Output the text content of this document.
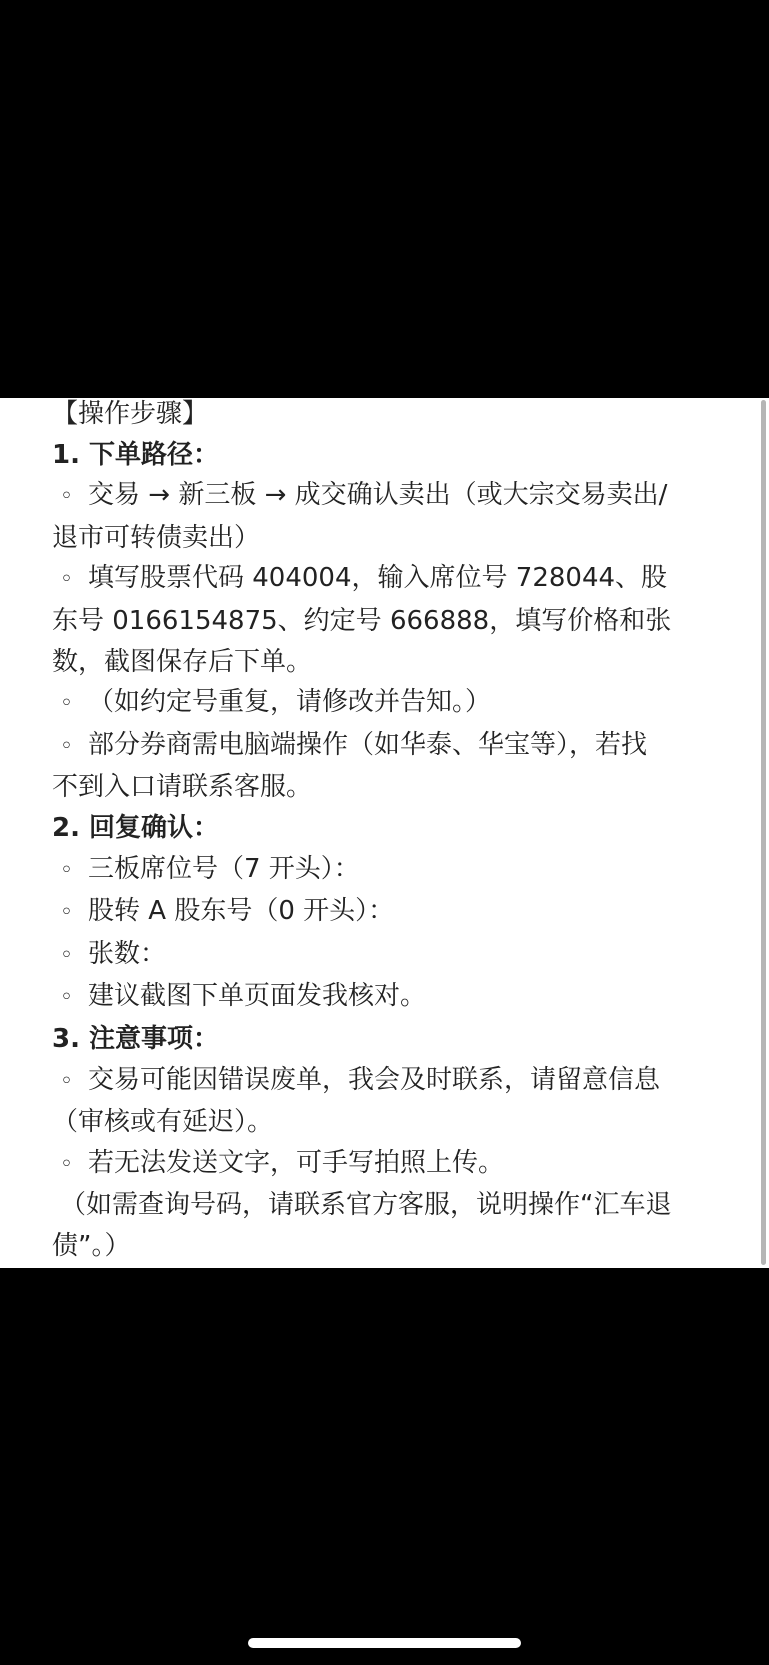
【操作步骤】
1. 下单路径：
◦ 交易 → 新三板 → 成交确认卖出（或大宗交易卖出/
退市可转债卖出）
◦ 填写股票代码 404004，输入席位号 728044、股
东号 0166154875、约定号 666888，填写价格和张
数，截图保存后下单。
◦ （如约定号重复，请修改并告知。）
◦ 部分券商需电脑端操作（如华泰、华宝等），若找
不到入口请联系客服。
2. 回复确认：
◦ 三板席位号（7 开头）：
◦ 股转 A 股东号（0 开头）：
◦ 张数：
◦ 建议截图下单页面发我核对。
3. 注意事项：
◦ 交易可能因错误废单，我会及时联系，请留意信息
（审核或有延迟）。
◦ 若无法发送文字，可手写拍照上传。
（如需查询号码，请联系官方客服，说明操作“汇车退
债”。）
